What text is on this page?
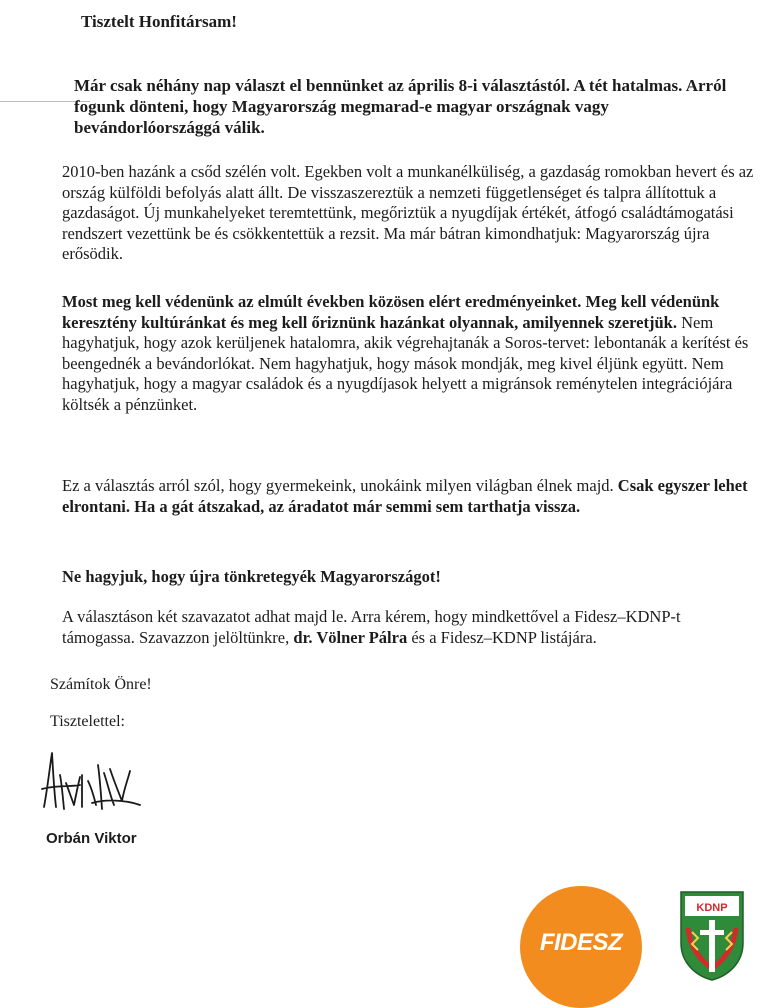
Tisztelt Honfitársam!
Már csak néhány nap választ el bennünket az április 8-i választástól. A tét hatalmas. Arról fogunk dönteni, hogy Magyarország megmarad-e magyar országnak vagy bevándorlóországgá válik.
2010-ben hazánk a csőd szélén volt. Egekben volt a munkanélküliség, a gazdaság romokban hevert és az ország külföldi befolyás alatt állt. De visszaszereztük a nemzeti függetlenséget és talpra állítottuk a gazdaságot. Új munkahelyeket teremtettünk, megőriztük a nyugdíjak értékét, átfogó családtámogatási rendszert vezettünk be és csökkentettük a rezsit. Ma már bátran kimondhatjuk: Magyarország újra erősödik.
Most meg kell védenünk az elmúlt években közösen elért eredményeinket. Meg kell védenünk keresztény kultúránkat és meg kell őriznünk hazánkat olyannak, amilyennek szeretjük. Nem hagyhatjuk, hogy azok kerüljenek hatalomra, akik végrehajtanák a Soros-tervet: lebontanák a kerítést és beengednék a bevándorlókat. Nem hagyhatjuk, hogy mások mondják, meg kivel éljünk együtt. Nem hagyhatjuk, hogy a magyar családok és a nyugdíjasok helyett a migránsok reménytelen integrációjára költsék a pénzünket.
Ez a választás arról szól, hogy gyermekeink, unokáink milyen világban élnek majd. Csak egyszer lehet elrontani. Ha a gát átszakad, az áradatot már semmi sem tarthatja vissza.
Ne hagyjuk, hogy újra tönkretegyék Magyarországot!
A választáson két szavazatot adhat majd le. Arra kérem, hogy mindkettővel a Fidesz–KDNP-t támogassa. Szavazzon jelöltünkre, dr. Völner Pálra és a Fidesz–KDNP listájára.
Számítok Önre!
Tisztelettel:
Orbán Viktor
FIDESZ
KDNP
